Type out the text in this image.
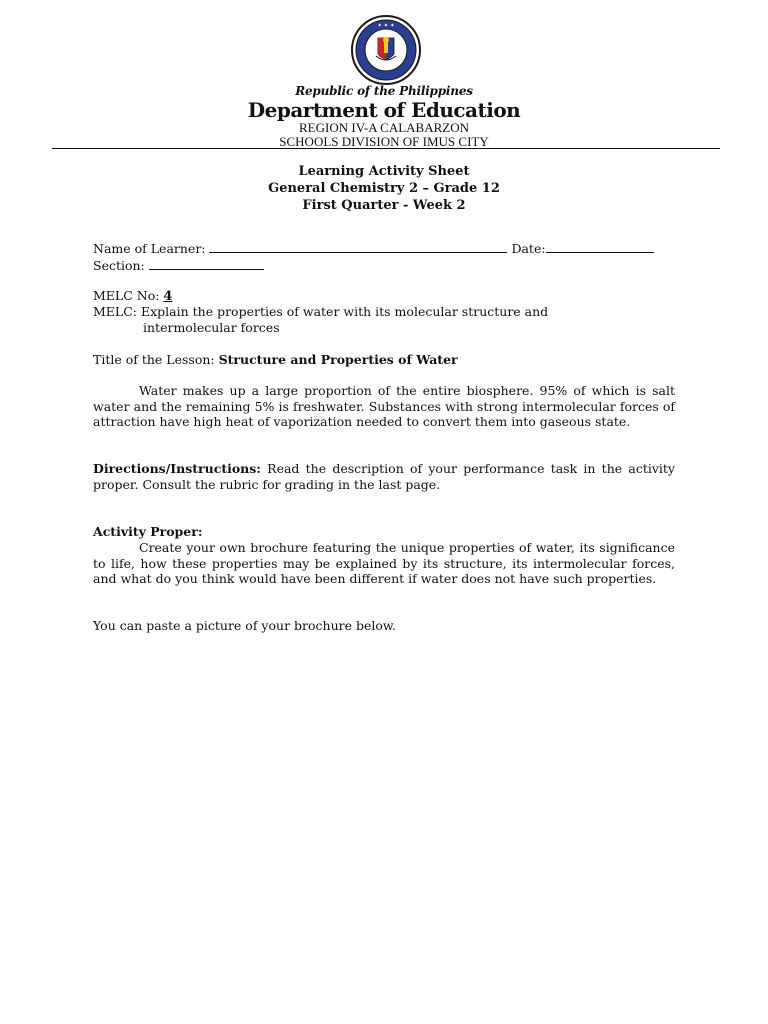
✦ ✦ ✦
Republic of the Philippines
Department of Education
REGION IV-A CALABARZON
SCHOOLS DIVISION OF IMUS CITY
Learning Activity Sheet
General Chemistry 2 – Grade 12
First Quarter - Week 2
Name of Learner:	Date:
Section:
MELC No: 4
MELC: Explain the properties of water with its molecular structure and
intermolecular forces
Title of the Lesson: Structure and Properties of Water
Water makes up a large proportion of the entire biosphere. 95% of which is salt water and the remaining 5% is freshwater. Substances with strong intermolecular forces of attraction have high heat of vaporization needed to convert them into gaseous state.
Directions/Instructions: Read the description of your performance task in the activity proper. Consult the rubric for grading in the last page.
Activity Proper:
Create your own brochure featuring the unique properties of water, its significance to life, how these properties may be explained by its structure, its intermolecular forces, and what do you think would have been different if water does not have such properties.
You can paste a picture of your brochure below.
